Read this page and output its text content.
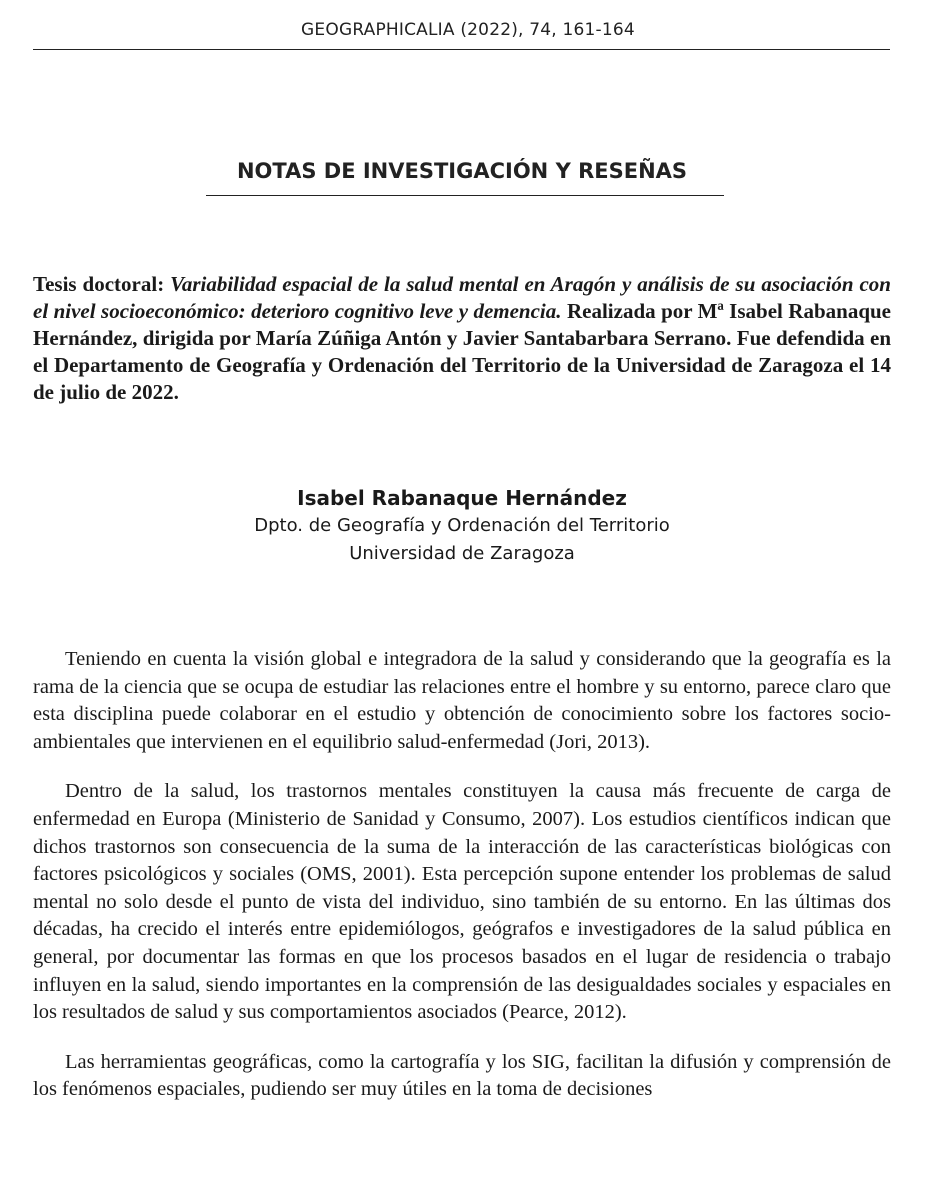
GEOGRAPHICALIA (2022), 74, 161-164
NOTAS DE INVESTIGACIÓN Y RESEÑAS
Tesis doctoral: Variabilidad espacial de la salud mental en Aragón y análisis de su asociación con el nivel socioeconómico: deterioro cognitivo leve y demencia. Realizada por Mª Isabel Rabanaque Hernández, dirigida por María Zúñiga Antón y Javier Santabarbara Serrano. Fue defendida en el Departamento de Geografía y Ordenación del Territorio de la Universidad de Zaragoza el 14 de julio de 2022.
Isabel Rabanaque Hernández
Dpto. de Geografía y Ordenación del Territorio
Universidad de Zaragoza

Teniendo en cuenta la visión global e integradora de la salud y considerando que la geografía es la rama de la ciencia que se ocupa de estudiar las relaciones entre el hombre y su entorno, parece claro que esta disciplina puede colaborar en el estudio y obtención de conocimiento sobre los factores socio-ambientales que intervienen en el equilibrio salud-enfermedad (Jori, 2013).

Dentro de la salud, los trastornos mentales constituyen la causa más frecuente de carga de enfermedad en Europa (Ministerio de Sanidad y Consumo, 2007). Los estudios científicos indican que dichos trastornos son consecuencia de la suma de la interacción de las características biológicas con factores psicológicos y sociales (OMS, 2001). Esta percepción supone entender los problemas de salud mental no solo desde el punto de vista del individuo, sino también de su entorno. En las últimas dos décadas, ha crecido el interés entre epidemiólogos, geógrafos e investigadores de la salud pública en general, por documentar las formas en que los procesos basados en el lugar de residencia o trabajo influyen en la salud, siendo importantes en la comprensión de las desigualdades sociales y espaciales en los resultados de salud y sus comportamientos asociados (Pearce, 2012).

Las herramientas geográficas, como la cartografía y los SIG, facilitan la difusión y comprensión de los fenómenos espaciales, pudiendo ser muy útiles en la toma de decisiones
